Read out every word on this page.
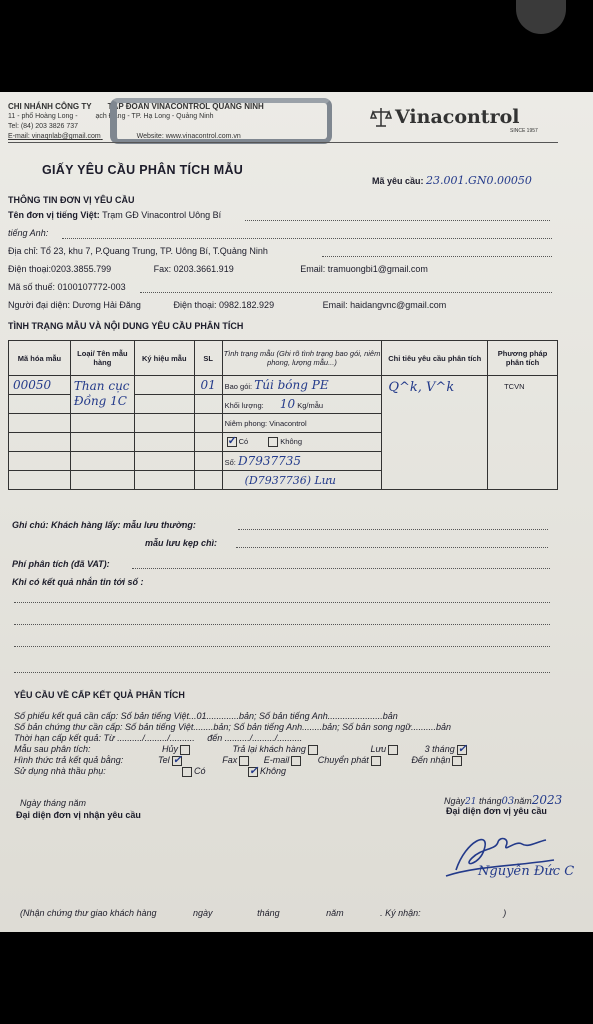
CHI NHÁNH CÔNG TY TẬP ĐOÀN VINACONTROL QUẢNG NINH
11 - phố Hoàng Long -	ạch Đằng - TP. Hạ Long - Quảng Ninh
Tel: (84) 203 3826 737
E-mail: vinaqnlab@gmail.com	Website: www.vinacontrol.com.vn
Vinacontrol
SINCE 1957
GIẤY YÊU CẦU PHÂN TÍCH MẪU
Mã yêu cầu: 23.001.GN0.00050
THÔNG TIN ĐƠN VỊ YÊU CẦU
Tên đơn vị tiếng Việt: Trạm GĐ Vinacontrol Uông Bí
tiếng Anh:
Địa chỉ: Tổ 23, khu 7, P.Quang Trung, TP. Uông Bí, T.Quảng Ninh
Điện thoại:0203.3855.799	Fax: 0203.3661.919	Email: tramuongbi1@gmail.com
Mã số thuế: 0100107772-003
Người đại diện: Dương Hải Đăng	Điện thoại: 0982.182.929	Email: haidangvnc@gmail.com
TÌNH TRẠNG MẪU VÀ NỘI DUNG YÊU CẦU PHÂN TÍCH
Mã hóa mẫu	Loại/ Tên mẫu hàng	Ký hiệu mẫu	SL	Tình trạng mẫu (Ghi rõ tình trạng bao gói, niêm phong, lượng mẫu...)	Chỉ tiêu yêu cầu phân tích	Phương pháp phân tích
00050	Than cục Đồng 1C		01	Bao gói: Túi bóng PE	Q^k, V^k	TCVN
				Khối lượng: 10 Kg/mẫu		
				Niêm phong: Vinacontrol		
				✓Có Không
				Số: D7937735		
				(D7937736) Lưu		
Ghi chú: Khách hàng lấy: mẫu lưu thường:
mẫu lưu kẹp chì:
Phí phân tích (đã VAT):
Khi có kết quả nhắn tin tới số :
YÊU CẦU VỀ CẤP KẾT QUẢ PHÂN TÍCH
Số phiếu kết quả cần cấp: Số bản tiếng Việt...01.............bản; Số bản tiếng Anh......................bản
Số bản chứng thư cần cấp: Số bản tiếng Việt........bản; Số bản tiếng Anh........bản; Số bản song ngữ..........bản
Thời hạn cấp kết quả: Từ ........../........./.......... đến ........../........./..........
Mẫu sau phân tích:	Hủy	Trả lại khách hàng	Lưu	3 tháng✓
Hình thức trả kết quả bằng:	Tel ✓	Fax	E-mail	Chuyển phát	Đến nhận
Sử dụng nhà thầu phụ:	Có ✓	Không
Ngày tháng năm
Đại diện đơn vị nhận yêu cầu
Ngày21 tháng03năm2023
Đại diện đơn vị yêu cầu
Nguyễn Đức C
(Nhận chứng thư giao khách hàng	ngày	tháng	năm	. Ký nhận:	)
